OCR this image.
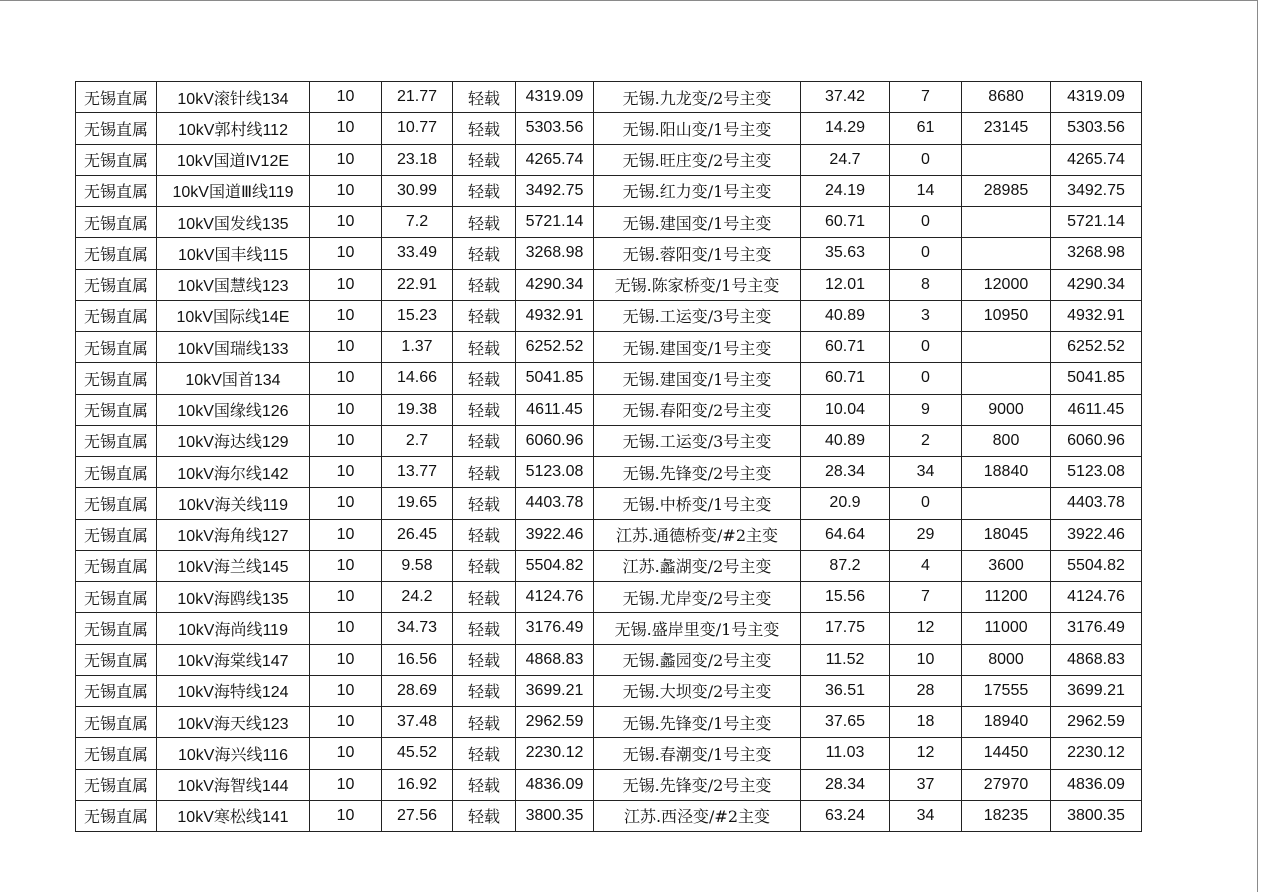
无锡直属	10kV滚针线134	10	21.77	轻载	4319.09	无锡.九龙变/2号主变	37.42	7	8680	4319.09
无锡直属	10kV郭村线112	10	10.77	轻载	5303.56	无锡.阳山变/1号主变	14.29	61	23145	5303.56
无锡直属	10kV国道IV12E	10	23.18	轻载	4265.74	无锡.旺庄变/2号主变	24.7	0		4265.74
无锡直属	10kV国道Ⅲ线119	10	30.99	轻载	3492.75	无锡.红力变/1号主变	24.19	14	28985	3492.75
无锡直属	10kV国发线135	10	7.2	轻载	5721.14	无锡.建国变/1号主变	60.71	0		5721.14
无锡直属	10kV国丰线115	10	33.49	轻载	3268.98	无锡.蓉阳变/1号主变	35.63	0		3268.98
无锡直属	10kV国慧线123	10	22.91	轻载	4290.34	无锡.陈家桥变/1号主变	12.01	8	12000	4290.34
无锡直属	10kV国际线14E	10	15.23	轻载	4932.91	无锡.工运变/3号主变	40.89	3	10950	4932.91
无锡直属	10kV国瑞线133	10	1.37	轻载	6252.52	无锡.建国变/1号主变	60.71	0		6252.52
无锡直属	10kV国首134	10	14.66	轻载	5041.85	无锡.建国变/1号主变	60.71	0		5041.85
无锡直属	10kV国缘线126	10	19.38	轻载	4611.45	无锡.春阳变/2号主变	10.04	9	9000	4611.45
无锡直属	10kV海达线129	10	2.7	轻载	6060.96	无锡.工运变/3号主变	40.89	2	800	6060.96
无锡直属	10kV海尔线142	10	13.77	轻载	5123.08	无锡.先锋变/2号主变	28.34	34	18840	5123.08
无锡直属	10kV海关线119	10	19.65	轻载	4403.78	无锡.中桥变/1号主变	20.9	0		4403.78
无锡直属	10kV海角线127	10	26.45	轻载	3922.46	江苏.通德桥变/#2主变	64.64	29	18045	3922.46
无锡直属	10kV海兰线145	10	9.58	轻载	5504.82	江苏.蠡湖变/2号主变	87.2	4	3600	5504.82
无锡直属	10kV海鸥线135	10	24.2	轻载	4124.76	无锡.尤岸变/2号主变	15.56	7	11200	4124.76
无锡直属	10kV海尚线119	10	34.73	轻载	3176.49	无锡.盛岸里变/1号主变	17.75	12	11000	3176.49
无锡直属	10kV海棠线147	10	16.56	轻载	4868.83	无锡.蠡园变/2号主变	11.52	10	8000	4868.83
无锡直属	10kV海特线124	10	28.69	轻载	3699.21	无锡.大坝变/2号主变	36.51	28	17555	3699.21
无锡直属	10kV海天线123	10	37.48	轻载	2962.59	无锡.先锋变/1号主变	37.65	18	18940	2962.59
无锡直属	10kV海兴线116	10	45.52	轻载	2230.12	无锡.春潮变/1号主变	11.03	12	14450	2230.12
无锡直属	10kV海智线144	10	16.92	轻载	4836.09	无锡.先锋变/2号主变	28.34	37	27970	4836.09
无锡直属	10kV寒松线141	10	27.56	轻载	3800.35	江苏.西泾变/#2主变	63.24	34	18235	3800.35
